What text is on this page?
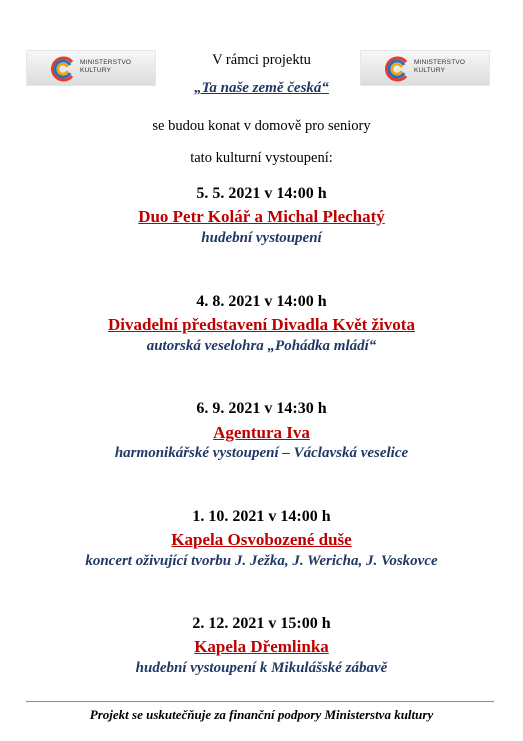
MINISTERSTVO
KULTURY
MINISTERSTVO
KULTURY
V rámci projektu
„Ta naše země česká“
se budou konat v domově pro seniory
tato kulturní vystoupení:
5. 5. 2021 v 14:00 h
Duo Petr Kolář a Michal Plechatý
hudební vystoupení
4. 8. 2021 v 14:00 h
Divadelní představení Divadla Květ života
autorská veselohra „Pohádka mládí“
6. 9. 2021 v 14:30 h
Agentura Iva
harmonikářské vystoupení – Václavská veselice
1. 10. 2021 v 14:00 h
Kapela Osvobozené duše
koncert oživující tvorbu J. Ježka, J. Wericha, J. Voskovce
2. 12. 2021 v 15:00 h
Kapela Dřemlinka
hudební vystoupení k Mikulášské zábavě
Projekt se uskutečňuje za finanční podpory Ministerstva kultury
